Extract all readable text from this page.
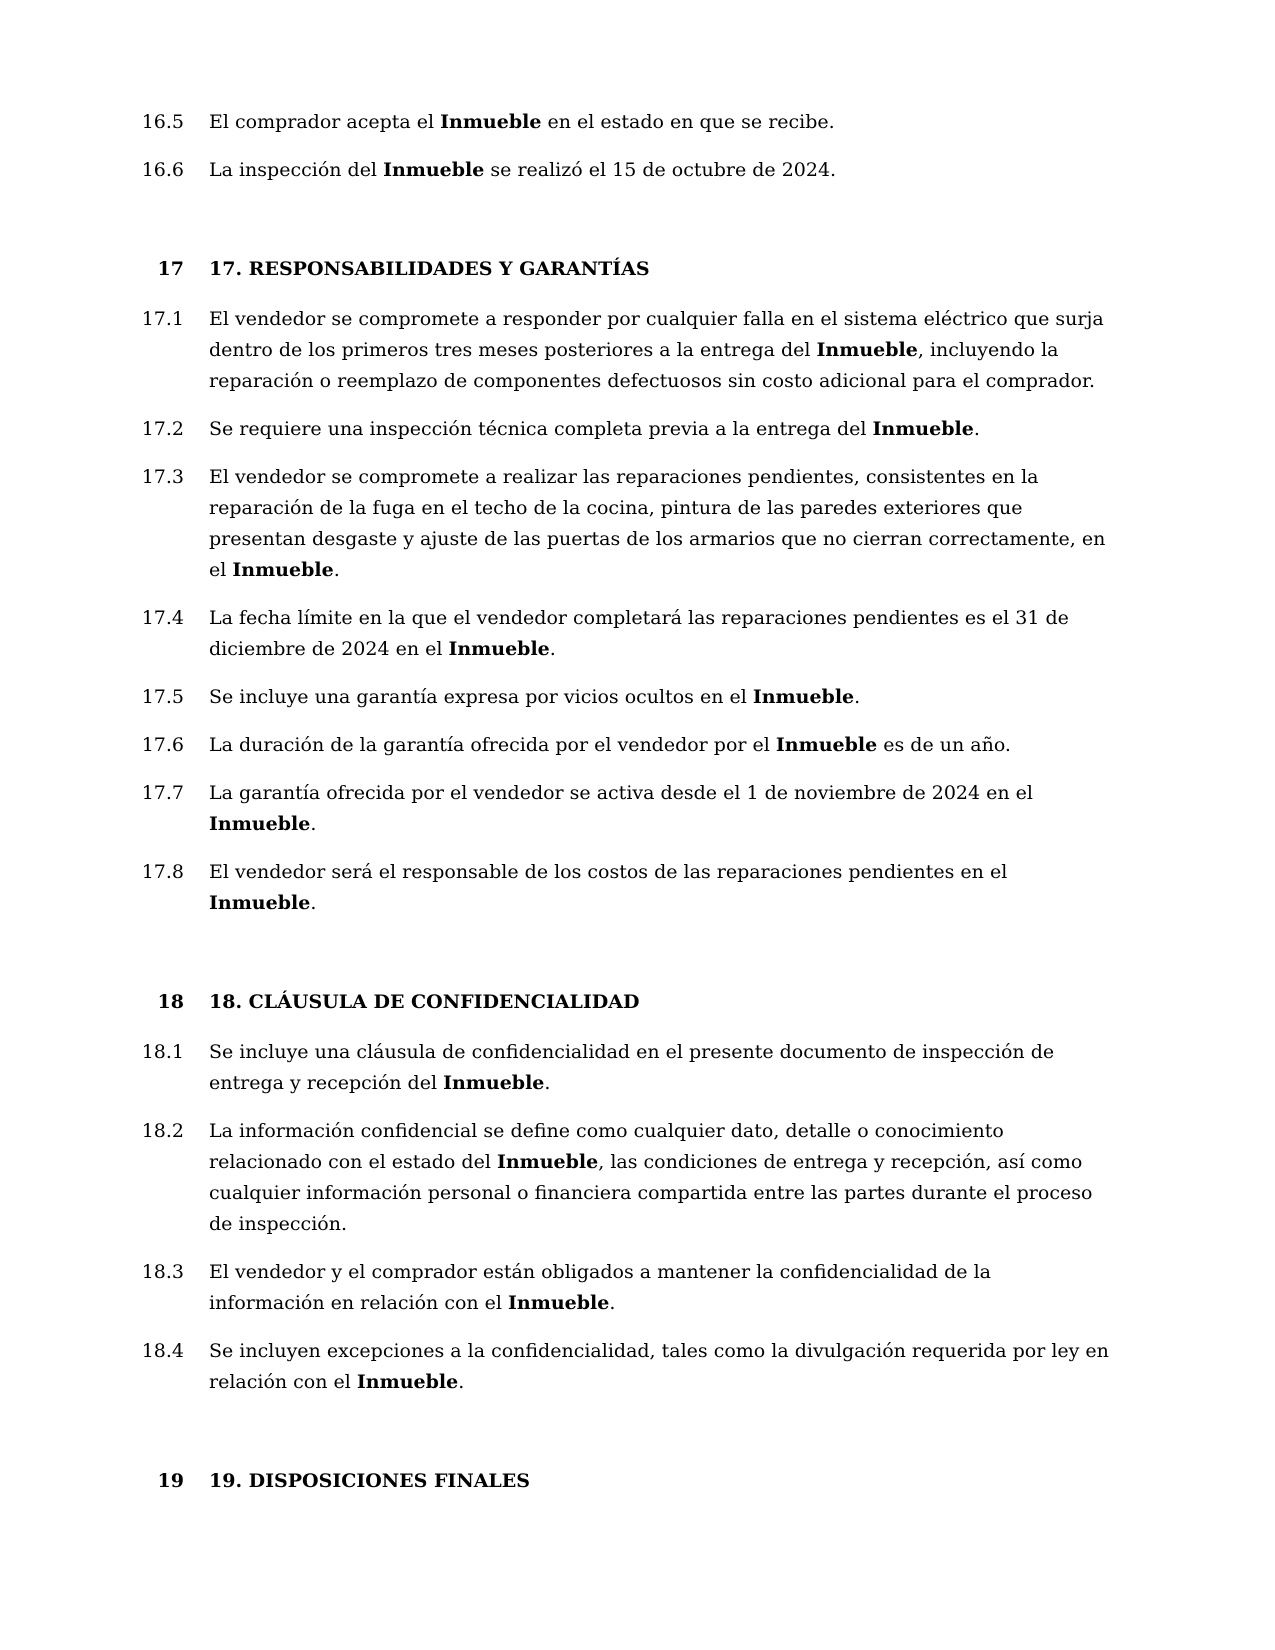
16.5 El comprador acepta el Inmueble en el estado en que se recibe.
16.6 La inspección del Inmueble se realizó el 15 de octubre de 2024.
17 17. RESPONSABILIDADES Y GARANTÍAS
17.1 El vendedor se compromete a responder por cualquier falla en el sistema eléctrico que surja dentro de los primeros tres meses posteriores a la entrega del Inmueble, incluyendo la reparación o reemplazo de componentes defectuosos sin costo adicional para el comprador.
17.2 Se requiere una inspección técnica completa previa a la entrega del Inmueble.
17.3 El vendedor se compromete a realizar las reparaciones pendientes, consistentes en la reparación de la fuga en el techo de la cocina, pintura de las paredes exteriores que presentan desgaste y ajuste de las puertas de los armarios que no cierran correctamente, en el Inmueble.
17.4 La fecha límite en la que el vendedor completará las reparaciones pendientes es el 31 de diciembre de 2024 en el Inmueble.
17.5 Se incluye una garantía expresa por vicios ocultos en el Inmueble.
17.6 La duración de la garantía ofrecida por el vendedor por el Inmueble es de un año.
17.7 La garantía ofrecida por el vendedor se activa desde el 1 de noviembre de 2024 en el Inmueble.
17.8 El vendedor será el responsable de los costos de las reparaciones pendientes en el Inmueble.
18 18. CLÁUSULA DE CONFIDENCIALIDAD
18.1 Se incluye una cláusula de confidencialidad en el presente documento de inspección de entrega y recepción del Inmueble.
18.2 La información confidencial se define como cualquier dato, detalle o conocimiento relacionado con el estado del Inmueble, las condiciones de entrega y recepción, así como cualquier información personal o financiera compartida entre las partes durante el proceso de inspección.
18.3 El vendedor y el comprador están obligados a mantener la confidencialidad de la información en relación con el Inmueble.
18.4 Se incluyen excepciones a la confidencialidad, tales como la divulgación requerida por ley en relación con el Inmueble.
19 19. DISPOSICIONES FINALES
